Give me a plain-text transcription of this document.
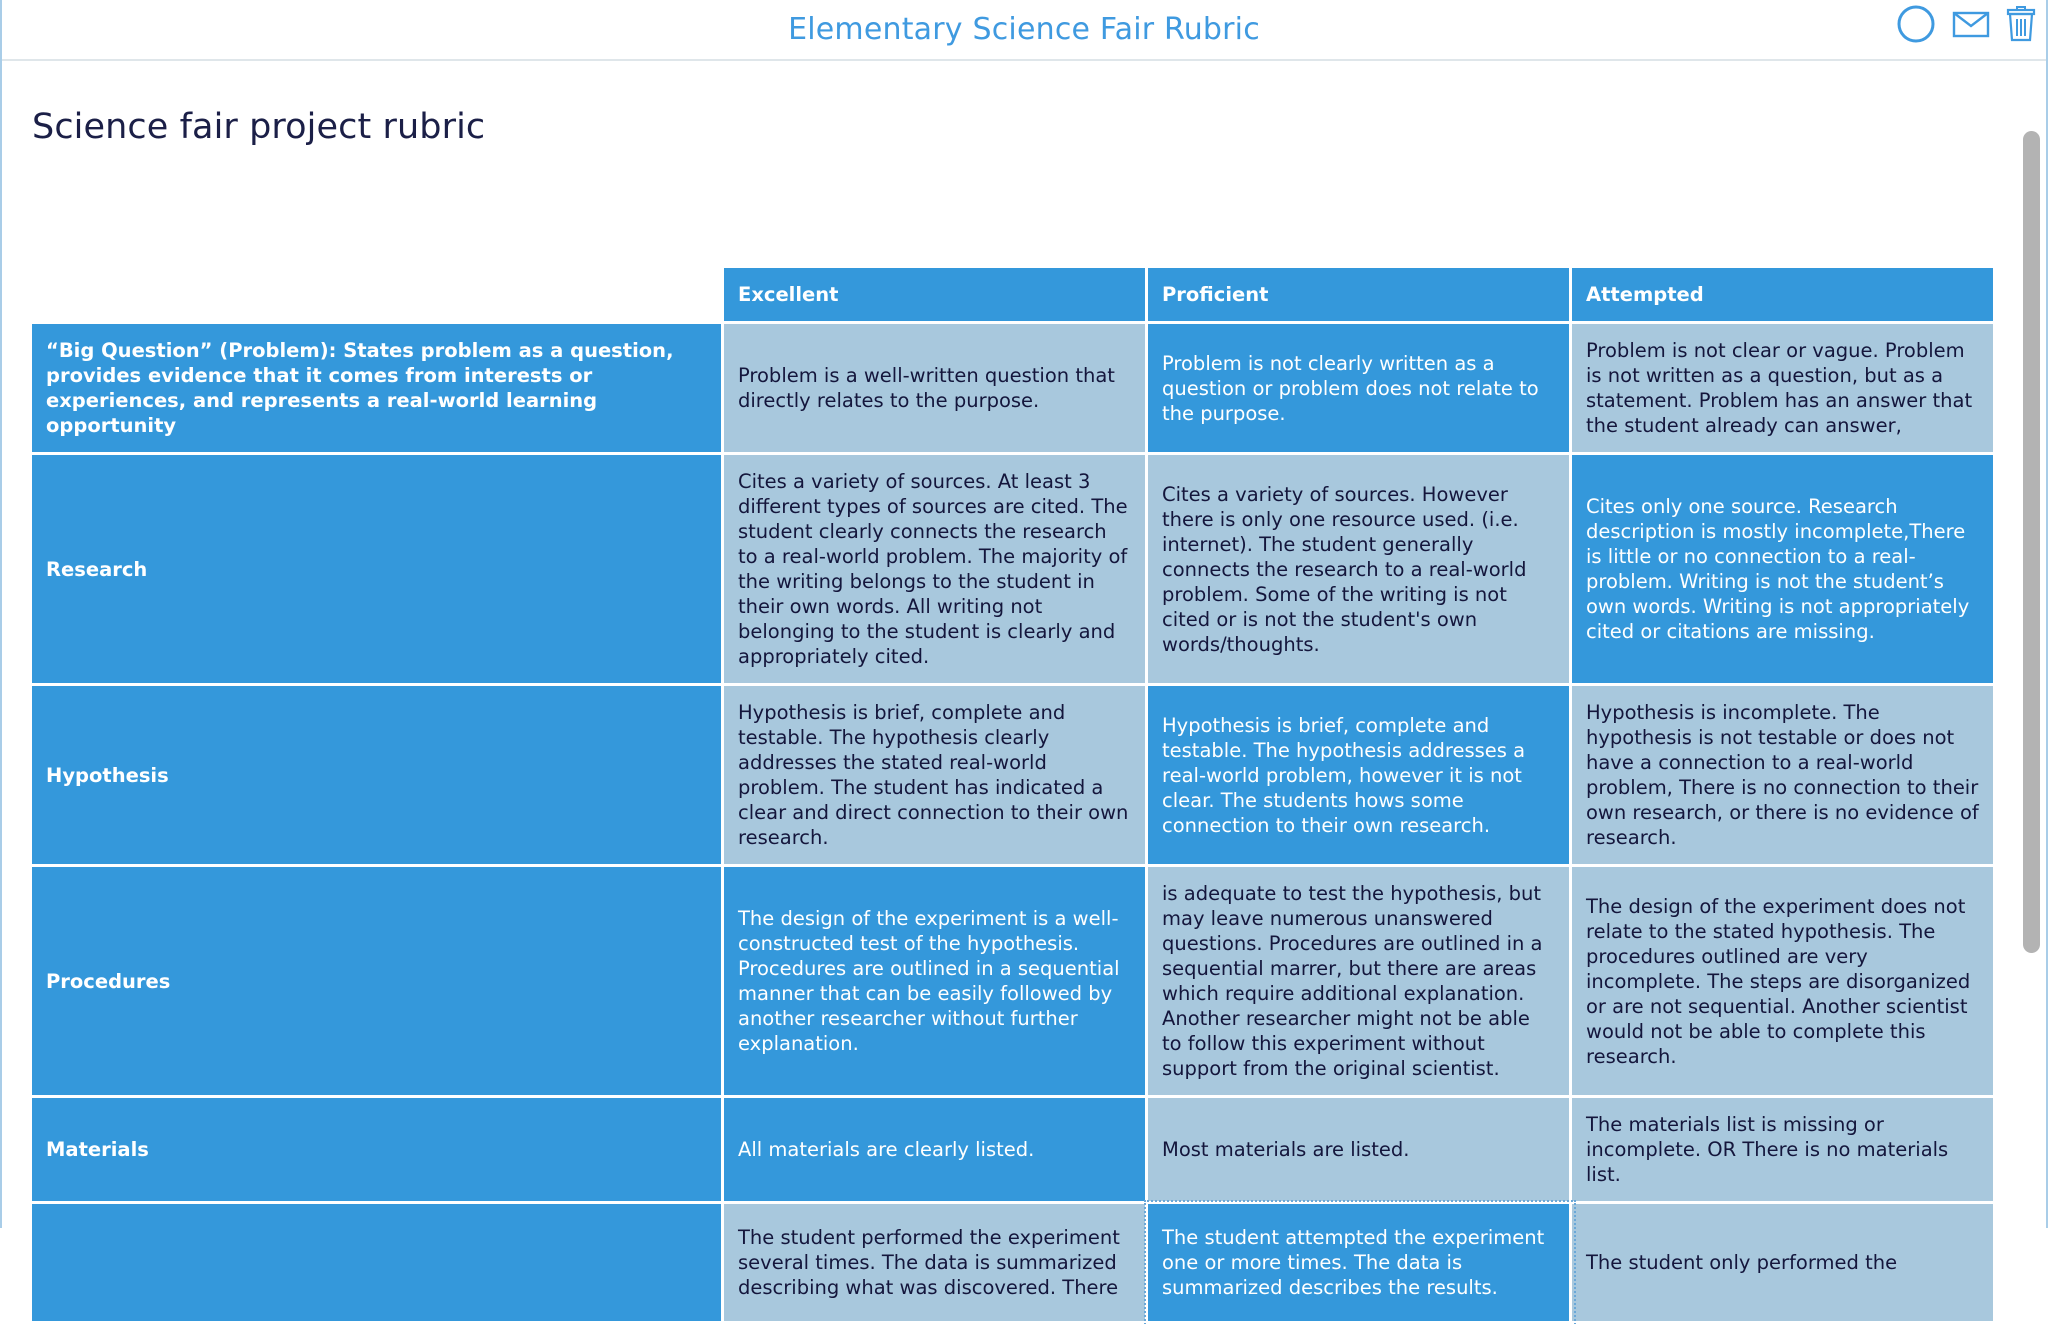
Elementary Science Fair Rubric
Science fair project rubric
	Excellent	Proficient	Attempted
“Big Question” (Problem): States problem as a question, provides evidence that it comes from interests or experiences, and represents a real-world learning opportunity	Problem is a well-written question that directly relates to the purpose.	Problem is not clearly written as a question or problem does not relate to the purpose.	Problem is not clear or vague. Problem is not written as a question, but as a statement. Problem has an answer that the student already can answer,
Research	Cites a variety of sources. At least 3 different types of sources are cited. The student clearly connects the research to a real-world problem. The majority of the writing belongs to the student in their own words. All writing not belonging to the student is clearly and appropriately cited.	Cites a variety of sources. However there is only one resource used. (i.e. internet). The student generally connects the research to a real-world problem. Some of the writing is not cited or is not the student's own words/thoughts.	Cites only one source. Research description is mostly incomplete,There is little or no connection to a real-problem. Writing is not the student’s own words. Writing is not appropriately cited or citations are missing.
Hypothesis	Hypothesis is brief, complete and testable. The hypothesis clearly addresses the stated real-world problem. The student has indicated a clear and direct connection to their own research.	Hypothesis is brief, complete and testable. The hypothesis addresses a real-world problem, however it is not clear. The students hows some connection to their own research.	Hypothesis is incomplete. The hypothesis is not testable or does not have a connection to a real-world problem, There is no connection to their own research, or there is no evidence of research.
Procedures	The design of the experiment is a well-constructed test of the hypothesis. Procedures are outlined in a sequential manner that can be easily followed by another researcher without further explanation.	is adequate to test the hypothesis, but may leave numerous unanswered questions. Procedures are outlined in a sequential marrer, but there are areas which require additional explanation. Another researcher might not be able to follow this experiment without support from the original scientist.	The design of the experiment does not relate to the stated hypothesis. The procedures outlined are very incomplete. The steps are disorganized or are not sequential. Another scientist would not be able to complete this research.
Materials	All materials are clearly listed.	Most materials are listed.	The materials list is missing or incomplete. OR There is no materials list.
	The student performed the experiment several times. The data is summarized describing what was discovered. There	The student attempted the experiment one or more times. The data is summarized describes the results.	The student only performed the
